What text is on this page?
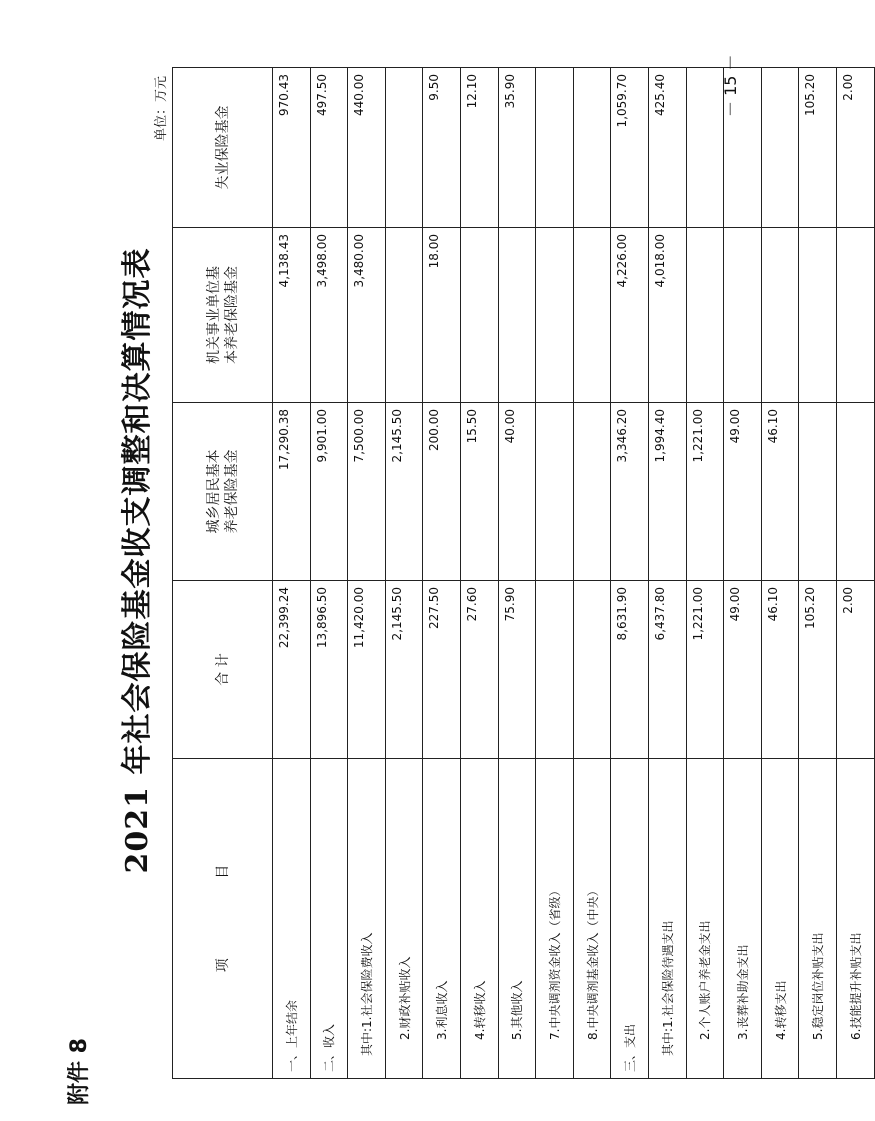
附件 8
2021 年社会保险基金收支调整和决算情况表
单位：万元
项
目	合 计	城乡居民基本 养老保险基金	机关事业单位基 本养老保险基金	失业保险基金
一、上年结余	22,399.24	17,290.38	4,138.43	970.43
二、收入	13,896.50	9,901.00	3,498.00	497.50
其中:1.社会保险费收入	11,420.00	7,500.00	3,480.00	440.00
2.财政补贴收入	2,145.50	2,145.50		
3.利息收入	227.50	200.00	18.00	9.50
4.转移收入	27.60	15.50		12.10
5.其他收入	75.90	40.00		35.90
7.中央调剂资金收入（省级）				
8.中央调剂基金收入（中央）				
三、支出	8,631.90	3,346.20	4,226.00	1,059.70
其中:1.社会保险待遇支出	6,437.80	1,994.40	4,018.00	425.40
2.个人账户养老金支出	1,221.00	1,221.00		
3.丧葬补助金支出	49.00	49.00		
4.转移支出	46.10	46.10		
5.稳定岗位补贴支出	105.20			105.20
6.技能提升补贴支出	2.00			2.00
－ 15 －
